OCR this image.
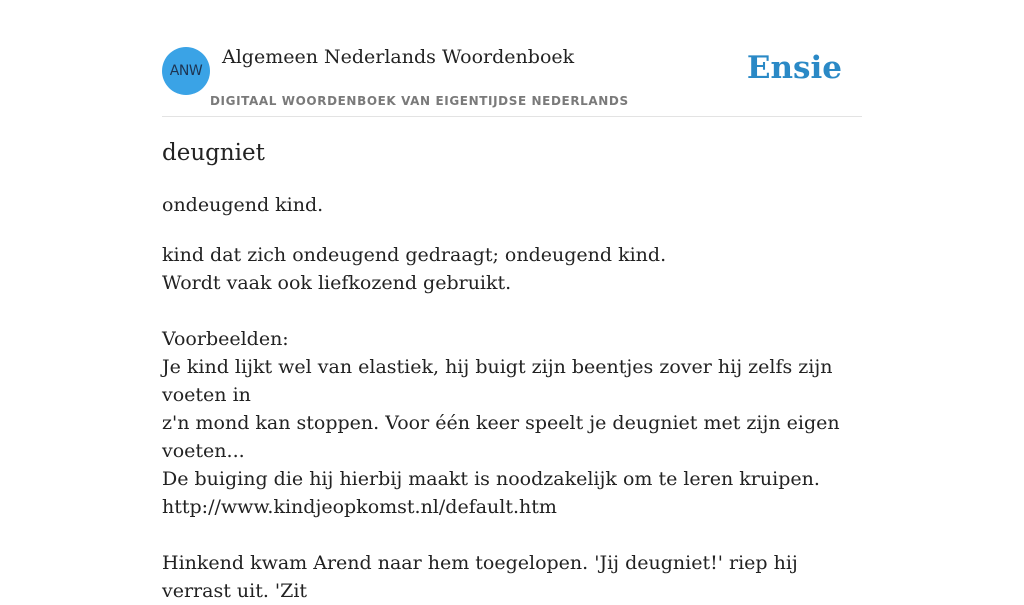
ANW
Algemeen Nederlands Woordenboek
DIGITAAL WOORDENBOEK VAN EIGENTIJDSE NEDERLANDS
Ensie
deugniet

ondeugend kind.

kind dat zich ondeugend gedraagt; ondeugend kind.

Wordt vaak ook liefkozend gebruikt.

Voorbeelden:

Je kind lijkt wel van elastiek, hij buigt zijn beentjes zover hij zelfs zijn voeten in

z'n mond kan stoppen. Voor één keer speelt je deugniet met zijn eigen voeten...

De buiging die hij hierbij maakt is noodzakelijk om te leren kruipen.

http://www.kindjeopkomst.nl/default.htm

Hinkend kwam Arend naar hem toegelopen. 'Jij deugniet!' riep hij verrast uit. 'Zit
